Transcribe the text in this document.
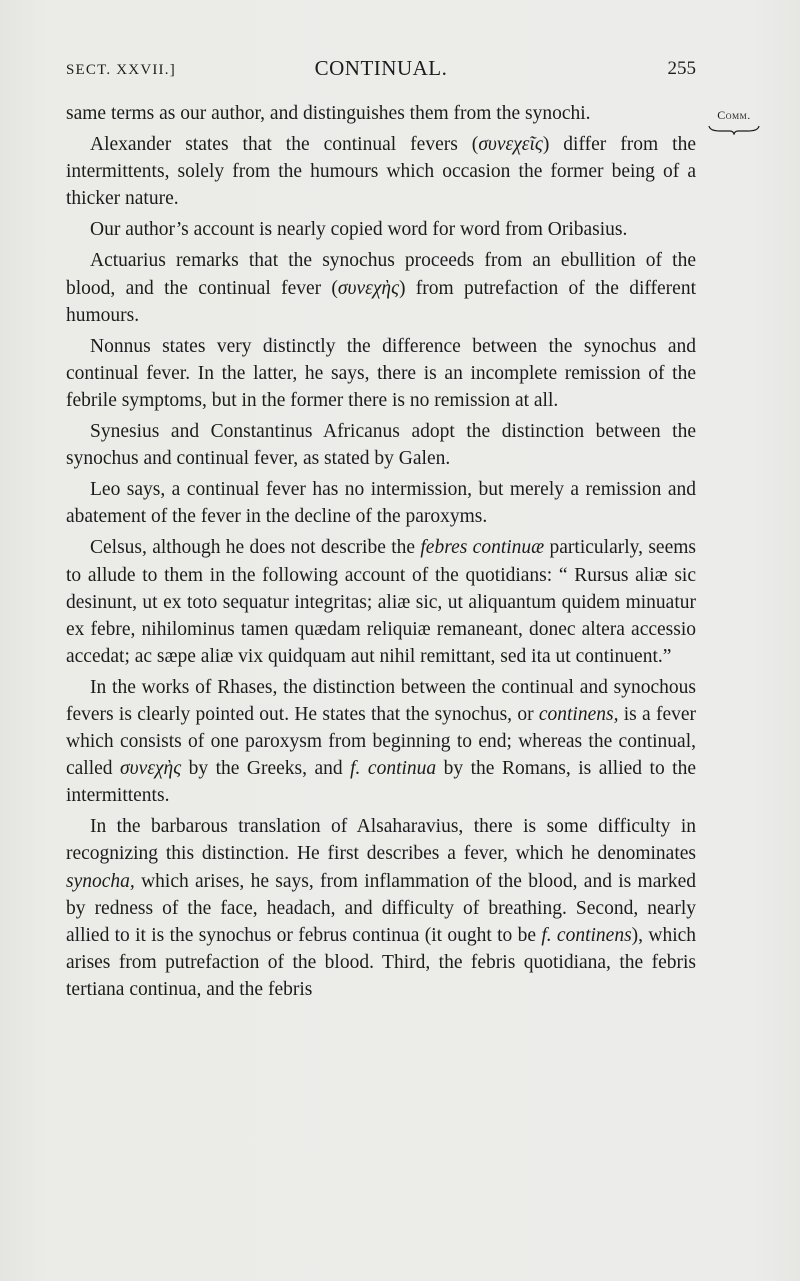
SECT. XXVII.]	CONTINUAL.	255
Comm.

same terms as our author, and distinguishes them from the synochi.

Alexander states that the continual fevers (συνεχεῖς) differ from the intermittents, solely from the humours which occasion the former being of a thicker nature.

Our author’s account is nearly copied word for word from Oribasius.

Actuarius remarks that the synochus proceeds from an ebullition of the blood, and the continual fever (συνεχὴς) from putrefaction of the different humours.

Nonnus states very distinctly the difference between the synochus and continual fever. In the latter, he says, there is an incomplete remission of the febrile symptoms, but in the former there is no remission at all.

Synesius and Constantinus Africanus adopt the distinction between the synochus and continual fever, as stated by Galen.

Leo says, a continual fever has no intermission, but merely a remission and abatement of the fever in the decline of the paroxyms.

Celsus, although he does not describe the febres continuæ particularly, seems to allude to them in the following account of the quotidians: “ Rursus aliæ sic desinunt, ut ex toto sequatur integritas; aliæ sic, ut aliquantum quidem minuatur ex febre, nihilominus tamen quædam reliquiæ remaneant, donec altera accessio accedat; ac sæpe aliæ vix quidquam aut nihil remittant, sed ita ut continuent.”

In the works of Rhases, the distinction between the continual and synochous fevers is clearly pointed out. He states that the synochus, or continens, is a fever which consists of one paroxysm from beginning to end; whereas the continual, called συνεχὴς by the Greeks, and f. continua by the Romans, is allied to the intermittents.

In the barbarous translation of Alsaharavius, there is some difficulty in recognizing this distinction. He first describes a fever, which he denominates synocha, which arises, he says, from inflammation of the blood, and is marked by redness of the face, headach, and difficulty of breathing. Second, nearly allied to it is the synochus or februs continua (it ought to be f. continens), which arises from putrefaction of the blood. Third, the febris quotidiana, the febris tertiana continua, and the febris
